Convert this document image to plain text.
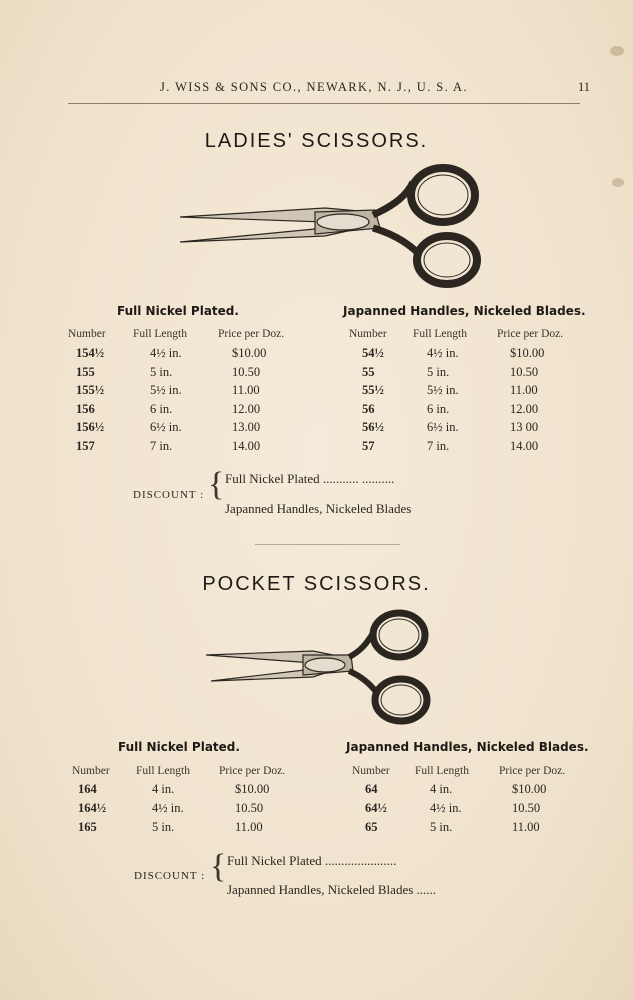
J. WISS & SONS CO., NEWARK, N. J., U. S. A.	11
LADIES' SCISSORS.
Full Nickel Plated.	Japanned Handles, Nickeled Blades.
Number Full Length	Price per Doz.	Number Full Length	Price per Doz.
154½	4½ in.	$10.00
155	5 in.	10.50
155½	5½ in.	11.00
156	6 in.	12.00
156½	6½ in.	13.00
157	7 in.	14.00
54½	4½ in.	$10.00
55	5 in.	10.50
55½	5½ in.	11.00
56	6 in.	12.00
56½	6½ in.	13 00
57	7 in.	14.00
DISCOUNT : { Full Nickel Plated ........... ..........
Japanned Handles, Nickeled Blades
POCKET SCISSORS.
Full Nickel Plated.	Japanned Handles, Nickeled Blades.
Number Full Length	Price per Doz.	Number Full Length	Price per Doz.
164	4 in.	$10.00
164½	4½ in.	10.50
165	5 in.	11.00
64	4 in.	$10.00
64½	4½ in.	10.50
65	5 in.	11.00
DISCOUNT : { Full Nickel Plated ......................
Japanned Handles, Nickeled Blades ......
